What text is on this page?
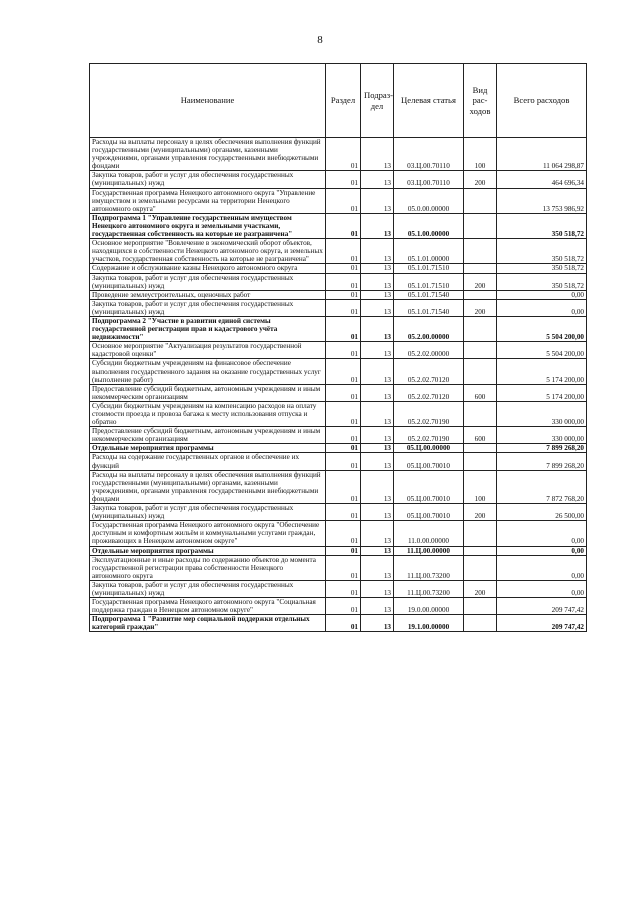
8
Наименование	Раздел	Подраз-дел	Целевая статья	Вид рас-ходов	Всего расходов
Расходы на выплаты персоналу в целях обеспечения выполнения функций государственными (муниципальными) органами, казенными учреждениями, органами управления государственными внебюджетными фондами	01	13	03.Ц.00.70110	100	11 064 298,87
Закупка товаров, работ и услуг для обеспечения государственных (муниципальных) нужд	01	13	03.Ц.00.70110	200	464 696,34
Государственная программа Ненецкого автономного округа "Управление имуществом и земельными ресурсами на территории Ненецкого автономного округа"	01	13	05.0.00.00000		13 753 986,92
Подпрограмма 1 "Управление государственным имуществом Ненецкого автономного округа и земельными участками, государственная собственность на которые не разграничена"	01	13	05.1.00.00000		350 518,72
Основное мероприятие "Вовлечение в экономический оборот объектов, находящихся в собственности Ненецкого автономного округа, и земельных участков, государственная собственность на которые не разграничена"	01	13	05.1.01.00000		350 518,72
Содержание и обслуживание казны Ненецкого автономного округа	01	13	05.1.01.71510		350 518,72
Закупка товаров, работ и услуг для обеспечения государственных (муниципальных) нужд	01	13	05.1.01.71510	200	350 518,72
Проведение землеустроительных, оценочных работ	01	13	05.1.01.71540		0,00
Закупка товаров, работ и услуг для обеспечения государственных (муниципальных) нужд	01	13	05.1.01.71540	200	0,00
Подпрограмма 2 "Участие в развитии единой системы государственной регистрации прав и кадастрового учёта недвижимости"	01	13	05.2.00.00000		5 504 200,00
Основное мероприятие "Актуализация результатов государственной кадастровой оценки"	01	13	05.2.02.00000		5 504 200,00
Субсидии бюджетным учреждениям на финансовое обеспечение выполнения государственного задания на оказание государственных услуг (выполнение работ)	01	13	05.2.02.70120		5 174 200,00
Предоставление субсидий бюджетным, автономным учреждениям и иным некоммерческим организациям	01	13	05.2.02.70120	600	5 174 200,00
Субсидии бюджетным учреждениям на компенсацию расходов на оплату стоимости проезда и провоза багажа к месту использования отпуска и обратно	01	13	05.2.02.70190		330 000,00
Предоставление субсидий бюджетным, автономным учреждениям и иным некоммерческим организациям	01	13	05.2.02.70190	600	330 000,00
Отдельные мероприятия программы	01	13	05.Ц.00.00000		7 899 268,20
Расходы на содержание государственных органов и обеспечение их функций	01	13	05.Ц.00.70010		7 899 268,20
Расходы на выплаты персоналу в целях обеспечения выполнения функций государственными (муниципальными) органами, казенными учреждениями, органами управления государственными внебюджетными фондами	01	13	05.Ц.00.70010	100	7 872 768,20
Закупка товаров, работ и услуг для обеспечения государственных (муниципальных) нужд	01	13	05.Ц.00.70010	200	26 500,00
Государственная программа Ненецкого автономного округа "Обеспечение доступным и комфортным жильём и коммунальными услугами граждан, проживающих в Ненецком автономном округе"	01	13	11.0.00.00000		0,00
Отдельные мероприятия программы	01	13	11.Ц.00.00000		0,00
Эксплуатационные и иные расходы по содержанию объектов до момента государственной регистрации права собственности Ненецкого автономного округа	01	13	11.Ц.00.73200		0,00
Закупка товаров, работ и услуг для обеспечения государственных (муниципальных) нужд	01	13	11.Ц.00.73200	200	0,00
Государственная программа Ненецкого автономного округа "Социальная поддержка граждан в Ненецком автономном округе"	01	13	19.0.00.00000		209 747,42
Подпрограмма 1 "Развитие мер социальной поддержки отдельных категорий граждан"	01	13	19.1.00.00000		209 747,42
